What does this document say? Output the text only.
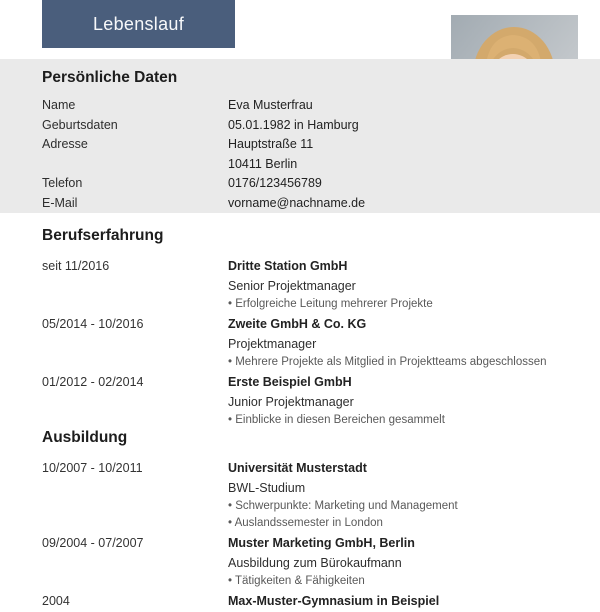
Lebenslauf
Persönliche Daten
Name	Eva Musterfrau
Geburtsdaten	05.01.1982 in Hamburg
Adresse	Hauptstraße 11
10411 Berlin
Telefon	0176/123456789
E-Mail	vorname@nachname.de
Berufserfahrung
seit 11/2016	Dritte Station GmbH
Senior Projektmanager
• Erfolgreiche Leitung mehrerer Projekte
05/2014 - 10/2016	Zweite GmbH & Co. KG
Projektmanager
• Mehrere Projekte als Mitglied in Projektteams abgeschlossen
01/2012 - 02/2014	Erste Beispiel GmbH
Junior Projektmanager
• Einblicke in diesen Bereichen gesammelt
Ausbildung
10/2007 - 10/2011	Universität Musterstadt
BWL-Studium
• Schwerpunkte: Marketing und Management
• Auslandssemester in London
09/2004 - 07/2007	Muster Marketing GmbH, Berlin
Ausbildung zum Bürokaufmann
• Tätigkeiten & Fähigkeiten
2004	Max-Muster-Gymnasium in Beispiel
